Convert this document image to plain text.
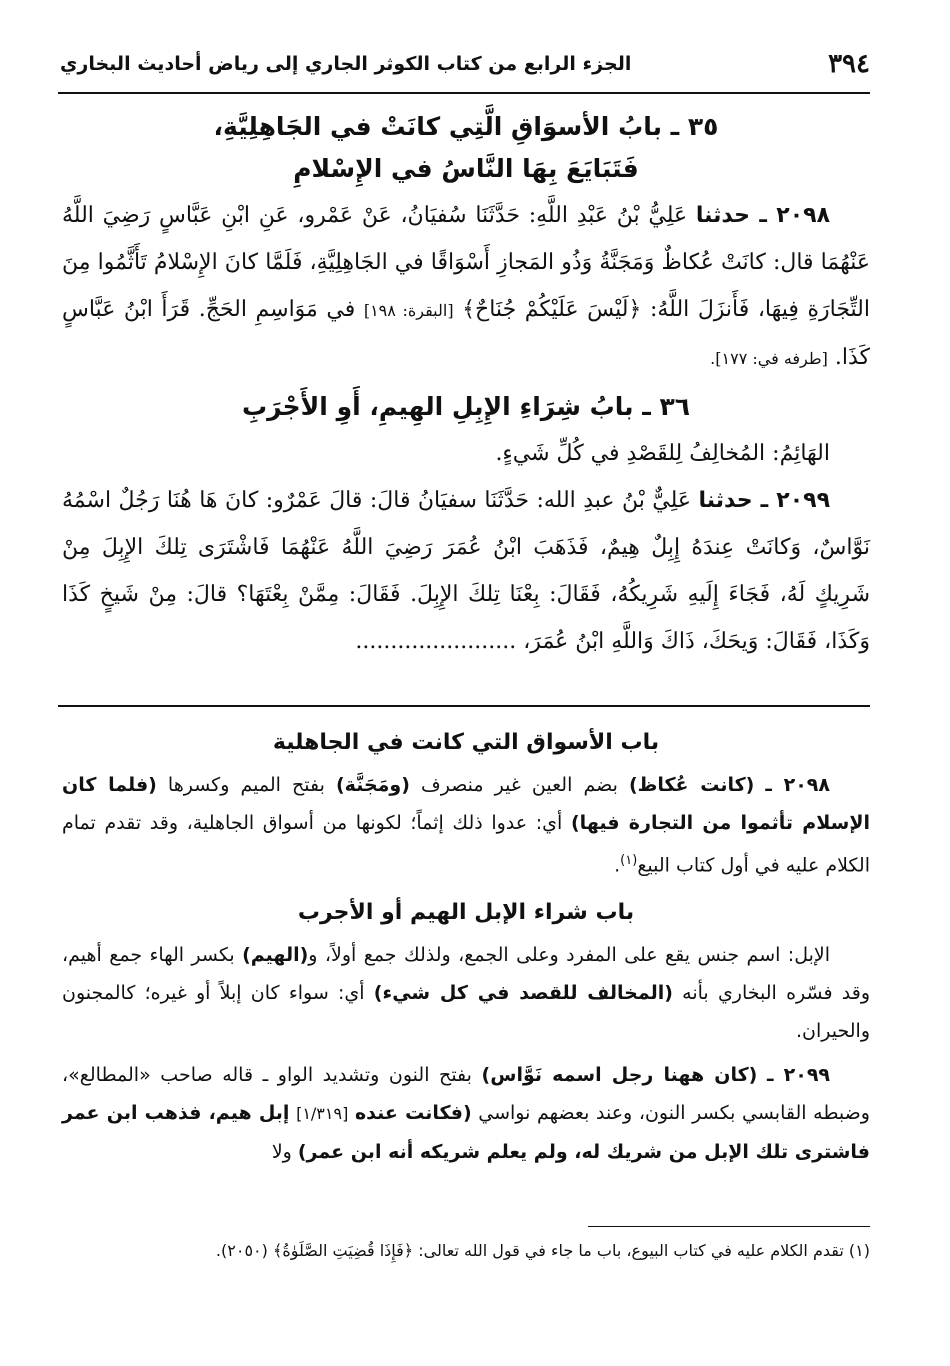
٣٩٤
الجزء الرابع من كتاب الكوثر الجاري إلى رياض أحاديث البخاري
٣٥ ـ بابُ الأسوَاقِ الَّتِي كانَتْ في الجَاهِلِيَّةِ،
فَتَبَايَعَ بِهَا النَّاسُ في الإِسْلامِ

٢٠٩٨ ـ حدثنا عَلِيُّ بْنُ عَبْدِ اللَّهِ: حَدَّثَنَا سُفيَانُ، عَنْ عَمْرو، عَنِ ابْنِ عَبَّاسٍ رَضِيَ اللَّهُ عَنْهُمَا قال: كانَتْ عُكاظٌ وَمَجَنَّةُ وَذُو المَجازِ أَسْوَاقًا في الجَاهِلِيَّةِ، فَلَمَّا كانَ الإِسْلامُ تَأَثَّمُوا مِنَ التِّجَارَةِ فِيهَا، فَأَنزَلَ اللَّهُ: ﴿لَيْسَ عَلَيْكُمْ جُنَاحٌ﴾ [البقرة: ١٩٨] في مَوَاسِمِ الحَجِّ. قَرَأَ ابْنُ عَبَّاسٍ كَذَا. [طرفه في: ١٧٧].

٣٦ ـ بابُ شِرَاءِ الإِبِلِ الهِيمِ، أَوِ الأَجْرَبِ

الهَائِمُ: المُخالِفُ لِلقَصْدِ في كُلِّ شَيءٍ.

٢٠٩٩ ـ حدثنا عَلِيٌّ بْنُ عبدِ الله: حَدَّثَنَا سفيَانُ قالَ: قالَ عَمْرٌو: كانَ هَا هُنَا رَجُلٌ اسْمُهُ نَوَّاسٌ، وَكانَتْ عِندَهُ إِبِلٌ هِيمٌ، فَذَهَبَ ابْنُ عُمَرَ رَضِيَ اللَّهُ عَنْهُمَا فَاشْتَرَى تِلكَ الإِبِلَ مِنْ شَرِيكٍ لَهُ، فَجَاءَ إِلَيهِ شَرِيكُهُ، فَقَالَ: بِعْنَا تِلكَ الإِبِلَ. فَقَالَ: مِمَّنْ بِعْتَهَا؟ قالَ: مِنْ شَيخٍ كَذَا وَكَذَا، فَقَالَ: وَيحَكَ، ذَاكَ وَاللَّهِ ابْنُ عُمَرَ، .......................

باب الأسواق التي كانت في الجاهلية

٢٠٩٨ ـ (كانت عُكاظ) بضم العين غير منصرف (ومَجَنَّة) بفتح الميم وكسرها (فلما كان الإسلام تأثموا من التجارة فيها) أي: عدوا ذلك إثماً؛ لكونها من أسواق الجاهلية، وقد تقدم تمام الكلام عليه في أول كتاب البيع$^{(١)}$.

باب شراء الإبل الهيم أو الأجرب

الإبل: اسم جنس يقع على المفرد وعلى الجمع، ولذلك جمع أولاً، و(الهيم) بكسر الهاء جمع أهيم، وقد فسّره البخاري بأنه (المخالف للقصد في كل شيء) أي: سواء كان إبلاً أو غيره؛ كالمجنون والحيران.

٢٠٩٩ ـ (كان ههنا رجل اسمه نَوَّاس) بفتح النون وتشديد الواو ـ قاله صاحب «المطالع»، وضبطه القابسي بكسر النون، وعند بعضهم نواسي (فكانت عنده [١/٣١٩] إبل هيم، فذهب ابن عمر فاشترى تلك الإبل من شريك له، ولم يعلم شريكه أنه ابن عمر) ولا

(١) تقدم الكلام عليه في كتاب البيوع، باب ما جاء في قول الله تعالى: ﴿فَإِذَا قُضِيَتِ الصَّلَوٰةُ﴾ (٢٠٥٠).
